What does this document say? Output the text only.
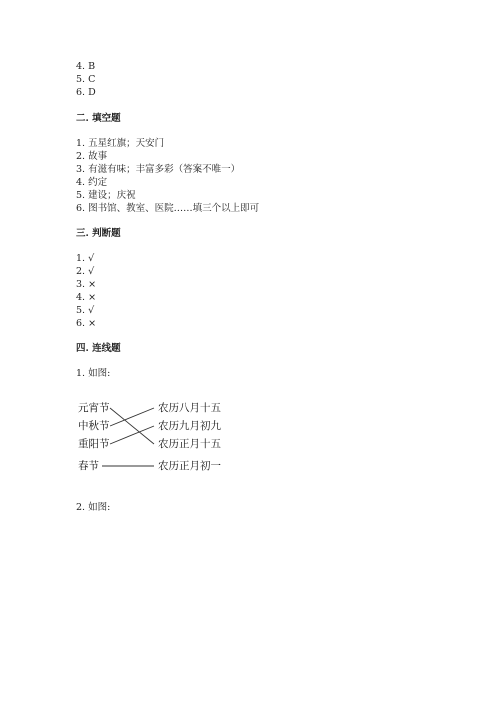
4. B
5. C
6. D
二. 填空题
1. 五星红旗；天安门
2. 故事
3. 有滋有味；丰富多彩（答案不唯一）
4. 约定
5. 建设；庆祝
6. 图书馆、教室、医院……填三个以上即可
三. 判断题
1. √
2. √
3. ×
4. ×
5. √
6. ×
四. 连线题
1. 如图:
元宵节
中秋节
重阳节
春节
农历八月十五
农历九月初九
农历正月十五
农历正月初一
2. 如图:
